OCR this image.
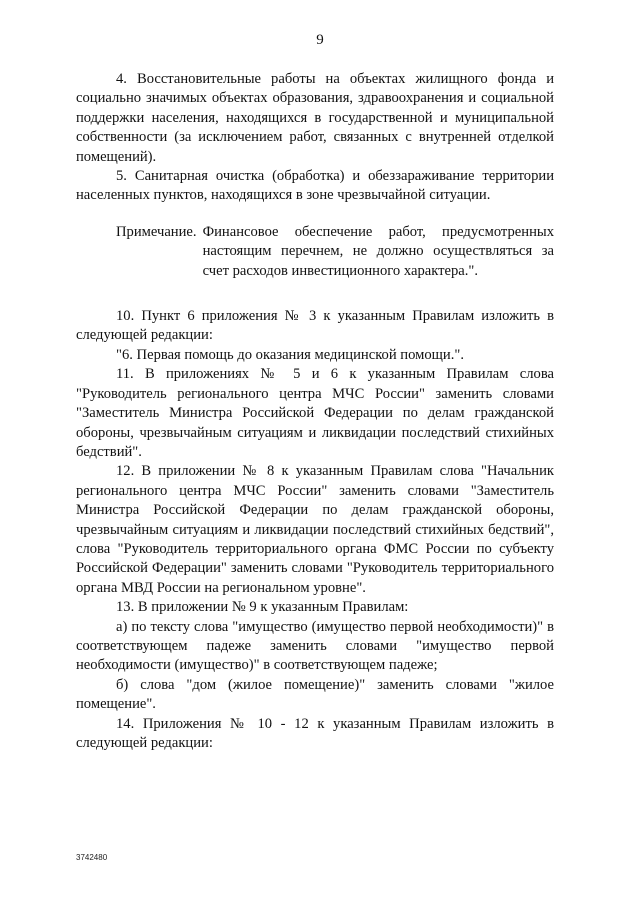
9

4. Восстановительные работы на объектах жилищного фонда и социально значимых объектах образования, здравоохранения и социальной поддержки населения, находящихся в государственной и муниципальной собственности (за исключением работ, связанных с внутренней отделкой помещений).

5. Санитарная очистка (обработка) и обеззараживание территории населенных пунктов, находящихся в зоне чрезвычайной ситуации.

Примечание. Финансовое обеспечение работ, предусмотренных настоящим перечнем, не должно осуществляться за счет расходов инвестиционного характера.".

10. Пункт 6 приложения № 3 к указанным Правилам изложить в следующей редакции:

"6. Первая помощь до оказания медицинской помощи.".

11. В приложениях № 5 и 6 к указанным Правилам слова "Руководитель регионального центра МЧС России" заменить словами "Заместитель Министра Российской Федерации по делам гражданской обороны, чрезвычайным ситуациям и ликвидации последствий стихийных бедствий".

12. В приложении № 8 к указанным Правилам слова "Начальник регионального центра МЧС России" заменить словами "Заместитель Министра Российской Федерации по делам гражданской обороны, чрезвычайным ситуациям и ликвидации последствий стихийных бедствий", слова "Руководитель территориального органа ФМС России по субъекту Российской Федерации" заменить словами "Руководитель территориального органа МВД России на региональном уровне".

13. В приложении № 9 к указанным Правилам:

а) по тексту слова "имущество (имущество первой необходимости)" в соответствующем падеже заменить словами "имущество первой необходимости (имущество)" в соответствующем падеже;

б) слова "дом (жилое помещение)" заменить словами "жилое помещение".

14. Приложения № 10 - 12 к указанным Правилам изложить в следующей редакции:

3742480
